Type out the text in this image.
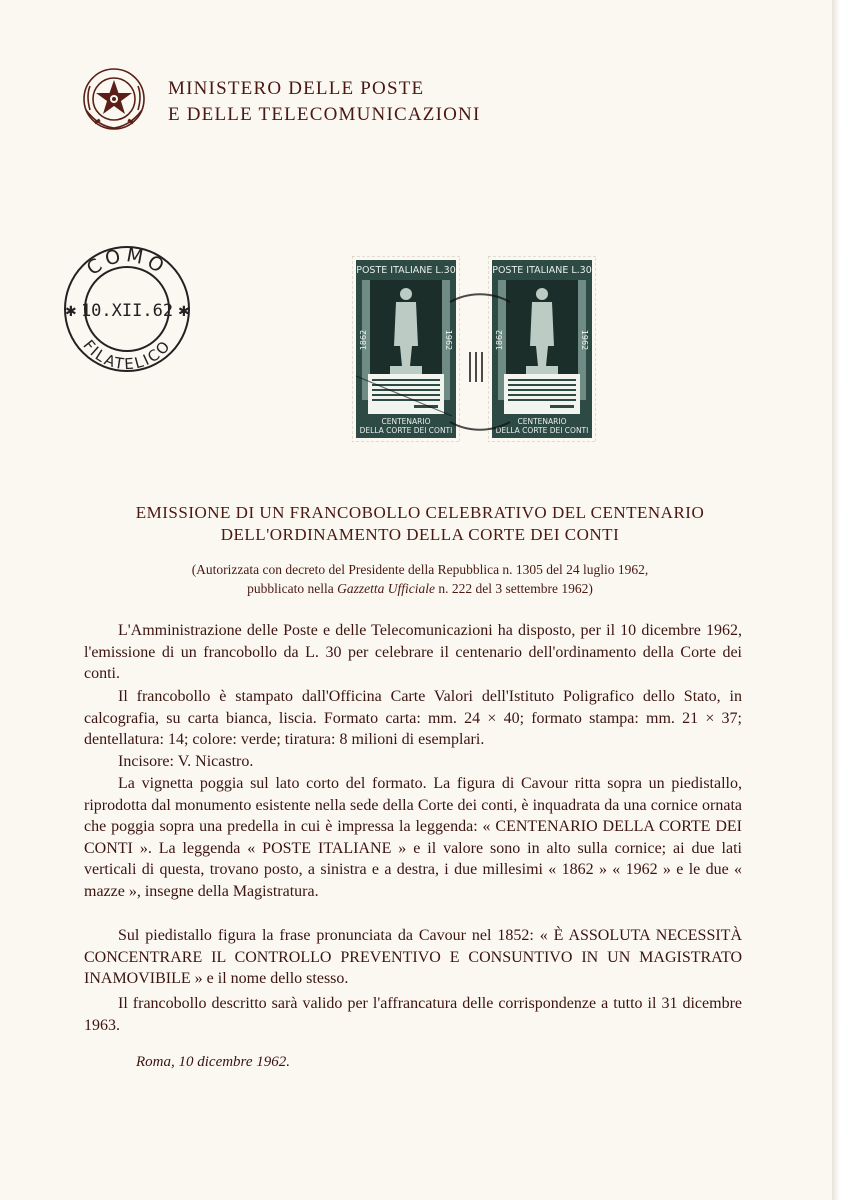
MINISTERO DELLE POSTE
E DELLE TELECOMUNICAZIONI
COMO
FILATELICO
10.XII.62
✱	✱
POSTE ITALIANE L.30
1862	1962
CENTENARIO
DELLA CORTE DEI CONTI
POSTE ITALIANE L.30
1862	1962
CENTENARIO
DELLA CORTE DEI CONTI
EMISSIONE DI UN FRANCOBOLLO CELEBRATIVO DEL CENTENARIO
DELL'ORDINAMENTO DELLA CORTE DEI CONTI
(Autorizzata con decreto del Presidente della Repubblica n. 1305 del 24 luglio 1962,
pubblicato nella Gazzetta Ufficiale n. 222 del 3 settembre 1962)

L'Amministrazione delle Poste e delle Telecomunicazioni ha disposto, per il 10 dicembre 1962, l'emissione di un francobollo da L. 30 per celebrare il centenario dell'ordinamento della Corte dei conti.

Il francobollo è stampato dall'Officina Carte Valori dell'Istituto Poligrafico dello Stato, in calcografia, su carta bianca, liscia. Formato carta: mm. 24 × 40; formato stampa: mm. 21 × 37; dentellatura: 14; colore: verde; tiratura: 8 milioni di esemplari.

Incisore: V. Nicastro.

La vignetta poggia sul lato corto del formato. La figura di Cavour ritta sopra un piedistallo, riprodotta dal monumento esistente nella sede della Corte dei conti, è inquadrata da una cornice ornata che poggia sopra una predella in cui è impressa la leggenda: « CENTENARIO DELLA CORTE DEI CONTI ». La leggenda « POSTE ITALIANE » e il valore sono in alto sulla cornice; ai due lati verticali di questa, trovano posto, a sinistra e a destra, i due millesimi « 1862 » « 1962 » e le due « mazze », insegne della Magistratura.

Sul piedistallo figura la frase pronunciata da Cavour nel 1852: « È ASSOLUTA NECESSITÀ CONCENTRARE IL CONTROLLO PREVENTIVO E CONSUNTIVO IN UN MAGISTRATO INAMOVIBILE » e il nome dello stesso.

Il francobollo descritto sarà valido per l'affrancatura delle corrispondenze a tutto il 31 dicembre 1963.

Roma, 10 dicembre 1962.
